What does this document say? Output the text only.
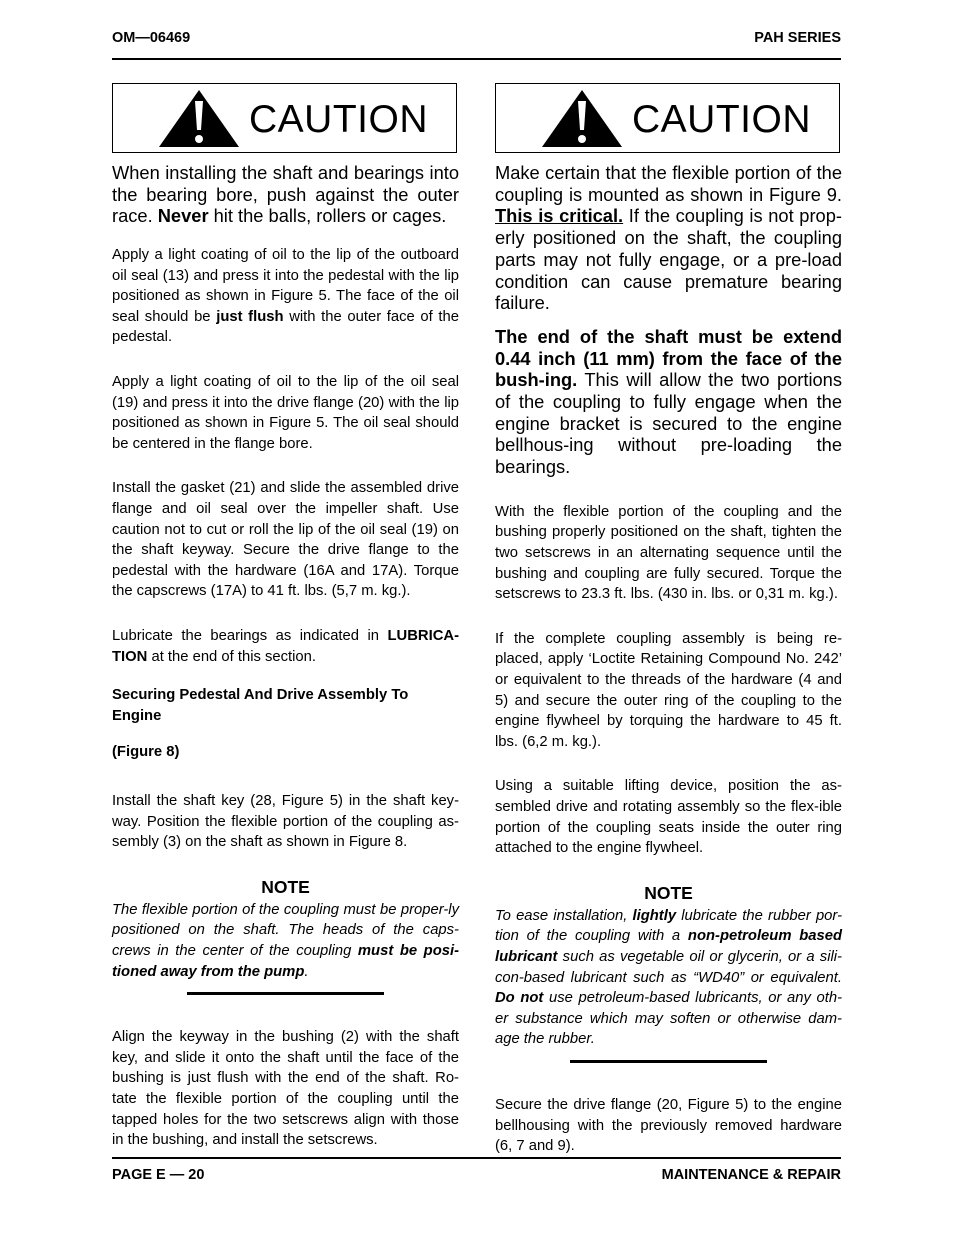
OM—06469	PAH SERIES
CAUTION

When installing the shaft and bearings into the bearing bore, push against the outer race. Never hit the balls, rollers or cages.

Apply a light coating of oil to the lip of the outboard oil seal (13) and press it into the pedestal with the lip positioned as shown in Figure 5. The face of the oil seal should be just flush with the outer face of the pedestal.

Apply a light coating of oil to the lip of the oil seal (19) and press it into the drive flange (20) with the lip positioned as shown in Figure 5. The oil seal should be centered in the flange bore.

Install the gasket (21) and slide the assembled drive flange and oil seal over the impeller shaft. Use caution not to cut or roll the lip of the oil seal (19) on the shaft keyway. Secure the drive flange to the pedestal with the hardware (16A and 17A). Torque the capscrews (17A) to 41 ft. lbs. (5,7 m. kg.).

Lubricate the bearings as indicated in LUBRICA-TION at the end of this section.

Securing Pedestal And Drive Assembly To Engine

(Figure 8)

Install the shaft key (28, Figure 5) in the shaft key-way. Position the flexible portion of the coupling as-sembly (3) on the shaft as shown in Figure 8.

NOTE

The flexible portion of the coupling must be proper-ly positioned on the shaft. The heads of the caps-crews in the center of the coupling must be posi-tioned away from the pump.

Align the keyway in the bushing (2) with the shaft key, and slide it onto the shaft until the face of the bushing is just flush with the end of the shaft. Ro-tate the flexible portion of the coupling until the tapped holes for the two setscrews align with those in the bushing, and install the setscrews.

CAUTION

Make certain that the flexible portion of the coupling is mounted as shown in Figure 9. This is critical. If the coupling is not prop-erly positioned on the shaft, the coupling parts may not fully engage, or a pre-load condition can cause premature bearing failure.

The end of the shaft must be extend 0.44 inch (11 mm) from the face of the bush-ing. This will allow the two portions of the coupling to fully engage when the engine bracket is secured to the engine bellhous-ing without pre-loading the bearings.

With the flexible portion of the coupling and the bushing properly positioned on the shaft, tighten the two setscrews in an alternating sequence until the bushing and coupling are fully secured. Torque the setscrews to 23.3 ft. lbs. (430 in. lbs. or 0,31 m. kg.).

If the complete coupling assembly is being re-placed, apply ‘Loctite Retaining Compound No. 242’ or equivalent to the threads of the hardware (4 and 5) and secure the outer ring of the coupling to the engine flywheel by torquing the hardware to 45 ft. lbs. (6,2 m. kg.).

Using a suitable lifting device, position the as-sembled drive and rotating assembly so the flex-ible portion of the coupling seats inside the outer ring attached to the engine flywheel.

NOTE

To ease installation, lightly lubricate the rubber por-tion of the coupling with a non-petroleum based lubricant such as vegetable oil or glycerin, or a sili-con-based lubricant such as “WD40” or equivalent. Do not use petroleum-based lubricants, or any oth-er substance which may soften or otherwise dam-age the rubber.

Secure the drive flange (20, Figure 5) to the engine bellhousing with the previously removed hardware (6, 7 and 9).

PAGE E — 20	MAINTENANCE & REPAIR
